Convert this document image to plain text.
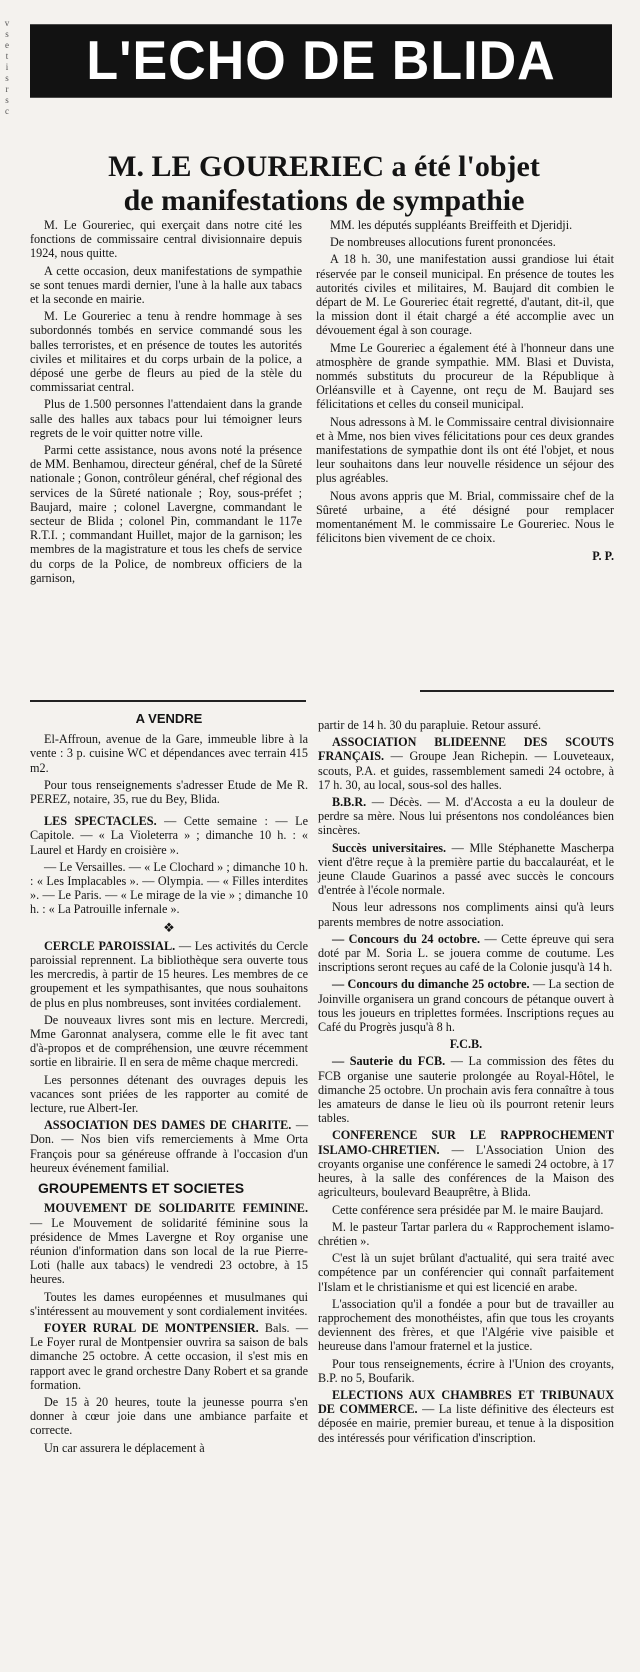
v
s
e
t
i
s
r
s
c
L'ECHO DE BLIDA
M. LE GOURERIEC a été l'objet
de manifestations de sympathie

M. Le Goureriec, qui exerçait dans notre cité les fonctions de commissaire central divisionnaire depuis 1924, nous quitte.

A cette occasion, deux manifestations de sympathie se sont tenues mardi dernier, l'une à la halle aux tabacs et la seconde en mairie.

M. Le Goureriec a tenu à rendre hommage à ses subordonnés tombés en service commandé sous les balles terroristes, et en présence de toutes les autorités civiles et militaires et du corps urbain de la police, a déposé une gerbe de fleurs au pied de la stèle du commissariat central.

Plus de 1.500 personnes l'attendaient dans la grande salle des halles aux tabacs pour lui témoigner leurs regrets de le voir quitter notre ville.

Parmi cette assistance, nous avons noté la présence de MM. Benhamou, directeur général, chef de la Sûreté nationale ; Gonon, contrôleur général, chef régional des services de la Sûreté nationale ; Roy, sous-préfet ; Baujard, maire ; colonel Lavergne, commandant le secteur de Blida ; colonel Pin, commandant le 117e R.T.I. ; commandant Huillet, major de la garnison; les membres de la magistrature et tous les chefs de service du corps de la Police, de nombreux officiers de la garnison,

MM. les députés suppléants Breiffeith et Djeridji.

De nombreuses allocutions furent prononcées.

A 18 h. 30, une manifestation aussi grandiose lui était réservée par le conseil municipal. En présence de toutes les autorités civiles et militaires, M. Baujard dit combien le départ de M. Le Goureriec était regretté, d'autant, dit-il, que la mission dont il était chargé a été accomplie avec un dévouement égal à son courage.

Mme Le Goureriec a également été à l'honneur dans une atmosphère de grande sympathie. MM. Blasi et Duvista, nommés substituts du procureur de la République à Orléansville et à Cayenne, ont reçu de M. Baujard ses félicitations et celles du conseil municipal.

Nous adressons à M. le Commissaire central divisionnaire et à Mme, nos bien vives félicitations pour ces deux grandes manifestations de sympathie dont ils ont été l'objet, et nous leur souhaitons dans leur nouvelle résidence un séjour des plus agréables.

Nous avons appris que M. Brial, commissaire chef de la Sûreté urbaine, a été désigné pour remplacer momentanément M. le commissaire Le Goureriec. Nous le félicitons bien vivement de ce choix.

P. P.
A VENDRE

El-Affroun, avenue de la Gare, immeuble libre à la vente : 3 p. cuisine WC et dépendances avec terrain 415 m2.

Pour tous renseignements s'adresser Etude de Me R. PEREZ, notaire, 35, rue du Bey, Blida.

LES SPECTACLES. — Cette semaine : — Le Capitole. — « La Violeterra » ; dimanche 10 h. : « Laurel et Hardy en croisière ».

— Le Versailles. — « Le Clochard » ; dimanche 10 h. : « Les Implacables ». — Olympia. — « Filles interdites ». — Le Paris. — « Le mirage de la vie » ; dimanche 10 h. : « La Patrouille infernale ».

❖

CERCLE PAROISSIAL. — Les activités du Cercle paroissial reprennent. La bibliothèque sera ouverte tous les mercredis, à partir de 15 heures. Les membres de ce groupement et les sympathisantes, que nous souhaitons de plus en plus nombreuses, sont invitées cordialement.

De nouveaux livres sont mis en lecture. Mercredi, Mme Garonnat analysera, comme elle le fit avec tant d'à-propos et de compréhension, une œuvre récemment sortie en librairie. Il en sera de même chaque mercredi.

Les personnes détenant des ouvrages depuis les vacances sont priées de les rapporter au comité de lecture, rue Albert-Ier.

ASSOCIATION DES DAMES DE CHARITE. — Don. — Nos bien vifs remerciements à Mme Orta François pour sa généreuse offrande à l'occasion d'un heureux événement familial.

GROUPEMENTS ET SOCIETES

MOUVEMENT DE SOLIDARITE FEMININE. — Le Mouvement de solidarité féminine sous la présidence de Mmes Lavergne et Roy organise une réunion d'information dans son local de la rue Pierre-Loti (halle aux tabacs) le vendredi 23 octobre, à 15 heures.

Toutes les dames européennes et musulmanes qui s'intéressent au mouvement y sont cordialement invitées.

FOYER RURAL DE MONTPENSIER. Bals. — Le Foyer rural de Montpensier ouvrira sa saison de bals dimanche 25 octobre. A cette occasion, il s'est mis en rapport avec le grand orchestre Dany Robert et sa grande formation.

De 15 à 20 heures, toute la jeunesse pourra s'en donner à cœur joie dans une ambiance parfaite et correcte.

Un car assurera le déplacement à

partir de 14 h. 30 du parapluie. Retour assuré.

ASSOCIATION BLIDEENNE DES SCOUTS FRANÇAIS. — Groupe Jean Richepin. — Louveteaux, scouts, P.A. et guides, rassemblement samedi 24 octobre, à 17 h. 30, au local, sous-sol des halles.

B.B.R. — Décès. — M. d'Accosta a eu la douleur de perdre sa mère. Nous lui présentons nos condoléances bien sincères.

Succès universitaires. — Mlle Stéphanette Mascherpa vient d'être reçue à la première partie du baccalauréat, et le jeune Claude Guarinos a passé avec succès le concours d'entrée à l'école normale.

Nous leur adressons nos compliments ainsi qu'à leurs parents membres de notre association.

— Concours du 24 octobre. — Cette épreuve qui sera doté par M. Soria L. se jouera comme de coutume. Les inscriptions seront reçues au café de la Colonie jusqu'à 14 h.

— Concours du dimanche 25 octobre. — La section de Joinville organisera un grand concours de pétanque ouvert à tous les joueurs en triplettes formées. Inscriptions reçues au Café du Progrès jusqu'à 8 h.

F.C.B.

— Sauterie du FCB. — La commission des fêtes du FCB organise une sauterie prolongée au Royal-Hôtel, le dimanche 25 octobre. Un prochain avis fera connaître à tous les amateurs de danse le lieu où ils pourront retenir leurs tables.

CONFERENCE SUR LE RAPPROCHEMENT ISLAMO-CHRETIEN. — L'Association Union des croyants organise une conférence le samedi 24 octobre, à 17 heures, à la salle des conférences de la Maison des agriculteurs, boulevard Beauprêtre, à Blida.

Cette conférence sera présidée par M. le maire Baujard.

M. le pasteur Tartar parlera du « Rapprochement islamo-chrétien ».

C'est là un sujet brûlant d'actualité, qui sera traité avec compétence par un conférencier qui connaît parfaitement l'Islam et le christianisme et qui est licencié en arabe.

L'association qu'il a fondée a pour but de travailler au rapprochement des monothéistes, afin que tous les croyants deviennent des frères, et que l'Algérie vive paisible et heureuse dans l'amour fraternel et la justice.

Pour tous renseignements, écrire à l'Union des croyants, B.P. no 5, Boufarik.

ELECTIONS AUX CHAMBRES ET TRIBUNAUX DE COMMERCE. — La liste définitive des électeurs est déposée en mairie, premier bureau, et tenue à la disposition des intéressés pour vérification d'inscription.
